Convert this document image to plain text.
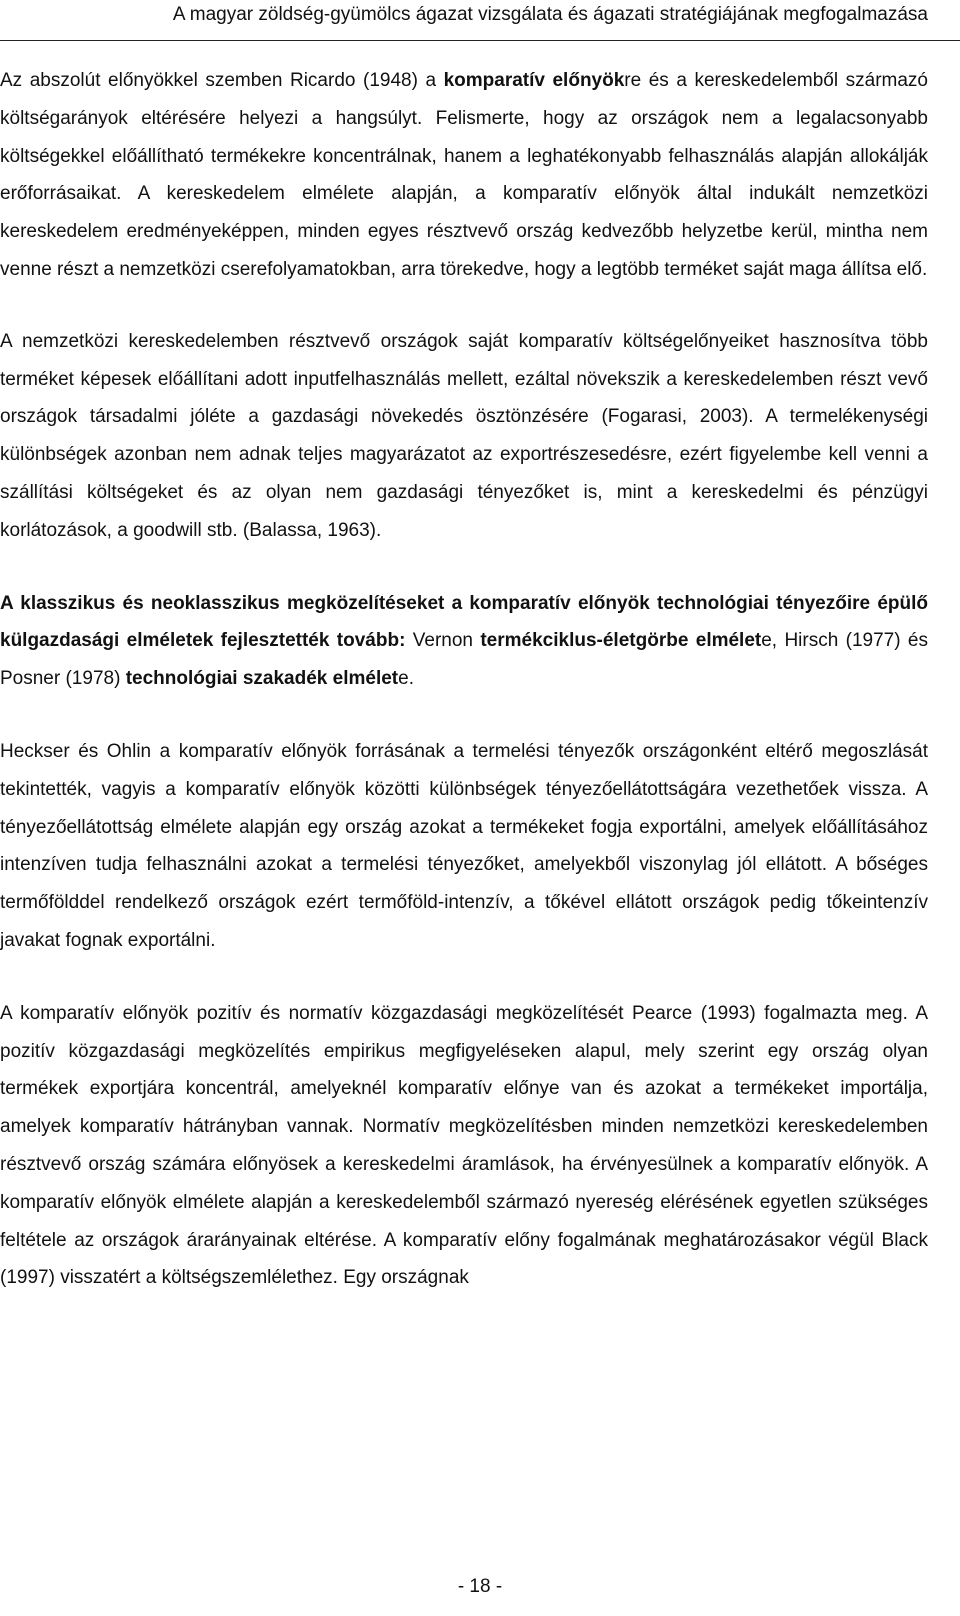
A magyar zöldség-gyümölcs ágazat vizsgálata és ágazati stratégiájának megfogalmazása

Az abszolút előnyökkel szemben Ricardo (1948) a komparatív előnyökre és a kereskedelemből származó költségarányok eltérésére helyezi a hangsúlyt. Felismerte, hogy az országok nem a legalacsonyabb költségekkel előállítható termékekre koncentrálnak, hanem a leghatékonyabb felhasználás alapján allokálják erőforrásaikat. A kereskedelem elmélete alapján, a komparatív előnyök által indukált nemzetközi kereskedelem eredményeképpen, minden egyes résztvevő ország kedvezőbb helyzetbe kerül, mintha nem venne részt a nemzetközi cserefolyamatokban, arra törekedve, hogy a legtöbb terméket saját maga állítsa elő.

A nemzetközi kereskedelemben résztvevő országok saját komparatív költségelőnyeiket hasznosítva több terméket képesek előállítani adott inputfelhasználás mellett, ezáltal növekszik a kereskedelemben részt vevő országok társadalmi jóléte a gazdasági növekedés ösztönzésére (Fogarasi, 2003). A termelékenységi különbségek azonban nem adnak teljes magyarázatot az exportrészesedésre, ezért figyelembe kell venni a szállítási költségeket és az olyan nem gazdasági tényezőket is, mint a kereskedelmi és pénzügyi korlátozások, a goodwill stb. (Balassa, 1963).

A klasszikus és neoklasszikus megközelítéseket a komparatív előnyök technológiai tényezőire épülő külgazdasági elméletek fejlesztették tovább: Vernon termékciklus-életgörbe elmélete, Hirsch (1977) és Posner (1978) technológiai szakadék elmélete.

Heckser és Ohlin a komparatív előnyök forrásának a termelési tényezők országonként eltérő megoszlását tekintették, vagyis a komparatív előnyök közötti különbségek tényezőellátottságára vezethetőek vissza. A tényezőellátottság elmélete alapján egy ország azokat a termékeket fogja exportálni, amelyek előállításához intenzíven tudja felhasználni azokat a termelési tényezőket, amelyekből viszonylag jól ellátott. A bőséges termőfölddel rendelkező országok ezért termőföld-intenzív, a tőkével ellátott országok pedig tőkeintenzív javakat fognak exportálni.

A komparatív előnyök pozitív és normatív közgazdasági megközelítését Pearce (1993) fogalmazta meg. A pozitív közgazdasági megközelítés empirikus megfigyeléseken alapul, mely szerint egy ország olyan termékek exportjára koncentrál, amelyeknél komparatív előnye van és azokat a termékeket importálja, amelyek komparatív hátrányban vannak. Normatív megközelítésben minden nemzetközi kereskedelemben résztvevő ország számára előnyösek a kereskedelmi áramlások, ha érvényesülnek a komparatív előnyök. A komparatív előnyök elmélete alapján a kereskedelemből származó nyereség elérésének egyetlen szükséges feltétele az országok árarányainak eltérése. A komparatív előny fogalmának meghatározásakor végül Black (1997) visszatért a költségszemlélethez. Egy országnak

- 18 -
